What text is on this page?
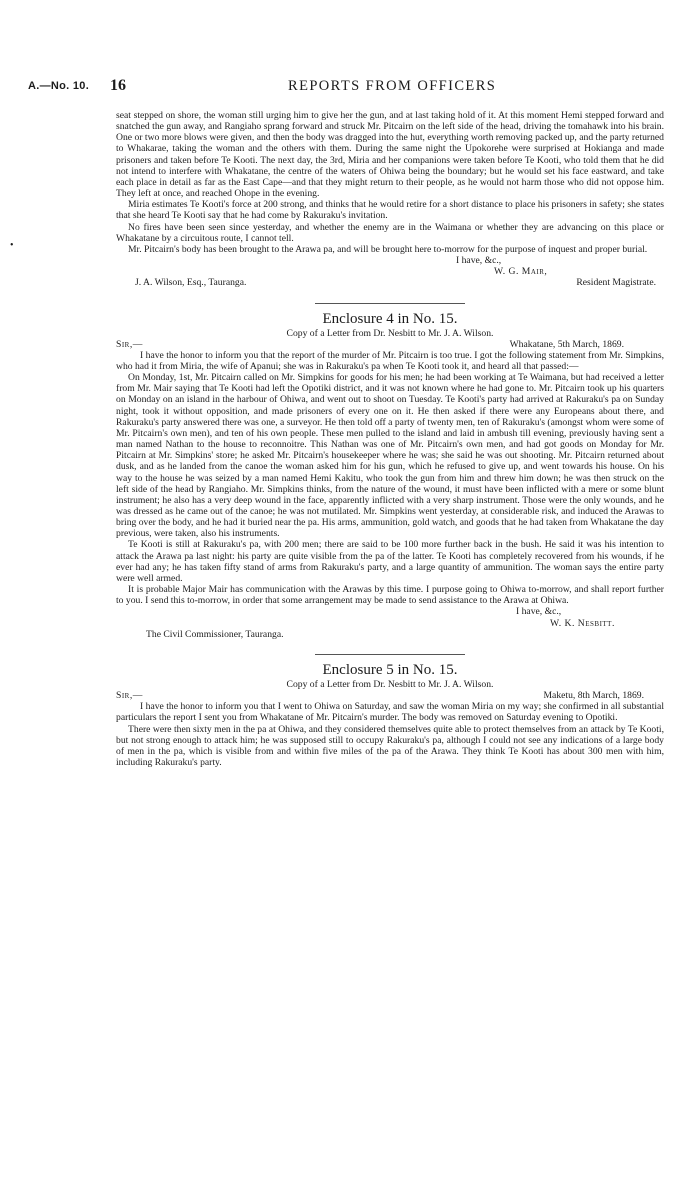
A.—No. 10. 16	REPORTS FROM OFFICERS
•

seat stepped on shore, the woman still urging him to give her the gun, and at last taking hold of it. At this moment Hemi stepped forward and snatched the gun away, and Rangiaho sprang forward and struck Mr. Pitcairn on the left side of the head, driving the tomahawk into his brain. One or two more blows were given, and then the body was dragged into the hut, everything worth removing packed up, and the party returned to Whakarae, taking the woman and the others with them. During the same night the Upokorehe were surprised at Hokianga and made prisoners and taken before Te Kooti. The next day, the 3rd, Miria and her companions were taken before Te Kooti, who told them that he did not intend to interfere with Whakatane, the centre of the waters of Ohiwa being the boundary; but he would set his face eastward, and take each place in detail as far as the East Cape—and that they might return to their people, as he would not harm those who did not oppose him. They left at once, and reached Ohope in the evening.

Miria estimates Te Kooti's force at 200 strong, and thinks that he would retire for a short distance to place his prisoners in safety; she states that she heard Te Kooti say that he had come by Rakuraku's invitation.

No fires have been seen since yesterday, and whether the enemy are in the Waimana or whether they are advancing on this place or Whakatane by a circuitous route, I cannot tell.

Mr. Pitcairn's body has been brought to the Arawa pa, and will be brought here to-morrow for the purpose of inquest and proper burial.

I have, &c.,

W. G. Mair,

J. A. Wilson, Esq., Tauranga.	Resident Magistrate.

Enclosure 4 in No. 15.

Copy of a Letter from Dr. Nesbitt to Mr. J. A. Wilson.

Sir,—	Whakatane, 5th March, 1869.

I have the honor to inform you that the report of the murder of Mr. Pitcairn is too true. I got the following statement from Mr. Simpkins, who had it from Miria, the wife of Apanui; she was in Rakuraku's pa when Te Kooti took it, and heard all that passed:—

On Monday, 1st, Mr. Pitcairn called on Mr. Simpkins for goods for his men; he had been working at Te Waimana, but had received a letter from Mr. Mair saying that Te Kooti had left the Opotiki district, and it was not known where he had gone to. Mr. Pitcairn took up his quarters on Monday on an island in the harbour of Ohiwa, and went out to shoot on Tuesday. Te Kooti's party had arrived at Rakuraku's pa on Sunday night, took it without opposition, and made prisoners of every one on it. He then asked if there were any Europeans about there, and Rakuraku's party answered there was one, a surveyor. He then told off a party of twenty men, ten of Rakuraku's (amongst whom were some of Mr. Pitcairn's own men), and ten of his own people. These men pulled to the island and laid in ambush till evening, previously having sent a man named Nathan to the house to reconnoitre. This Nathan was one of Mr. Pitcairn's own men, and had got goods on Monday for Mr. Pitcairn at Mr. Simpkins' store; he asked Mr. Pitcairn's housekeeper where he was; she said he was out shooting. Mr. Pitcairn returned about dusk, and as he landed from the canoe the woman asked him for his gun, which he refused to give up, and went towards his house. On his way to the house he was seized by a man named Hemi Kakitu, who took the gun from him and threw him down; he was then struck on the left side of the head by Rangiaho. Mr. Simpkins thinks, from the nature of the wound, it must have been inflicted with a mere or some blunt instrument; he also has a very deep wound in the face, apparently inflicted with a very sharp instrument. Those were the only wounds, and he was dressed as he came out of the canoe; he was not mutilated. Mr. Simpkins went yesterday, at considerable risk, and induced the Arawas to bring over the body, and he had it buried near the pa. His arms, ammunition, gold watch, and goods that he had taken from Whakatane the day previous, were taken, also his instruments.

Te Kooti is still at Rakuraku's pa, with 200 men; there are said to be 100 more further back in the bush. He said it was his intention to attack the Arawa pa last night: his party are quite visible from the pa of the latter. Te Kooti has completely recovered from his wounds, if he ever had any; he has taken fifty stand of arms from Rakuraku's party, and a large quantity of ammunition. The woman says the entire party were well armed.

It is probable Major Mair has communication with the Arawas by this time. I purpose going to Ohiwa to-morrow, and shall report further to you. I send this to-morrow, in order that some arrangement may be made to send assistance to the Arawa at Ohiwa.

I have, &c.,

W. K. Nesbitt.

The Civil Commissioner, Tauranga.

Enclosure 5 in No. 15.

Copy of a Letter from Dr. Nesbitt to Mr. J. A. Wilson.

Sir,—	Maketu, 8th March, 1869.

I have the honor to inform you that I went to Ohiwa on Saturday, and saw the woman Miria on my way; she confirmed in all substantial particulars the report I sent you from Whakatane of Mr. Pitcairn's murder. The body was removed on Saturday evening to Opotiki.

There were then sixty men in the pa at Ohiwa, and they considered themselves quite able to protect themselves from an attack by Te Kooti, but not strong enough to attack him; he was supposed still to occupy Rakuraku's pa, although I could not see any indications of a large body of men in the pa, which is visible from and within five miles of the pa of the Arawa. They think Te Kooti has about 300 men with him, including Rakuraku's party.
